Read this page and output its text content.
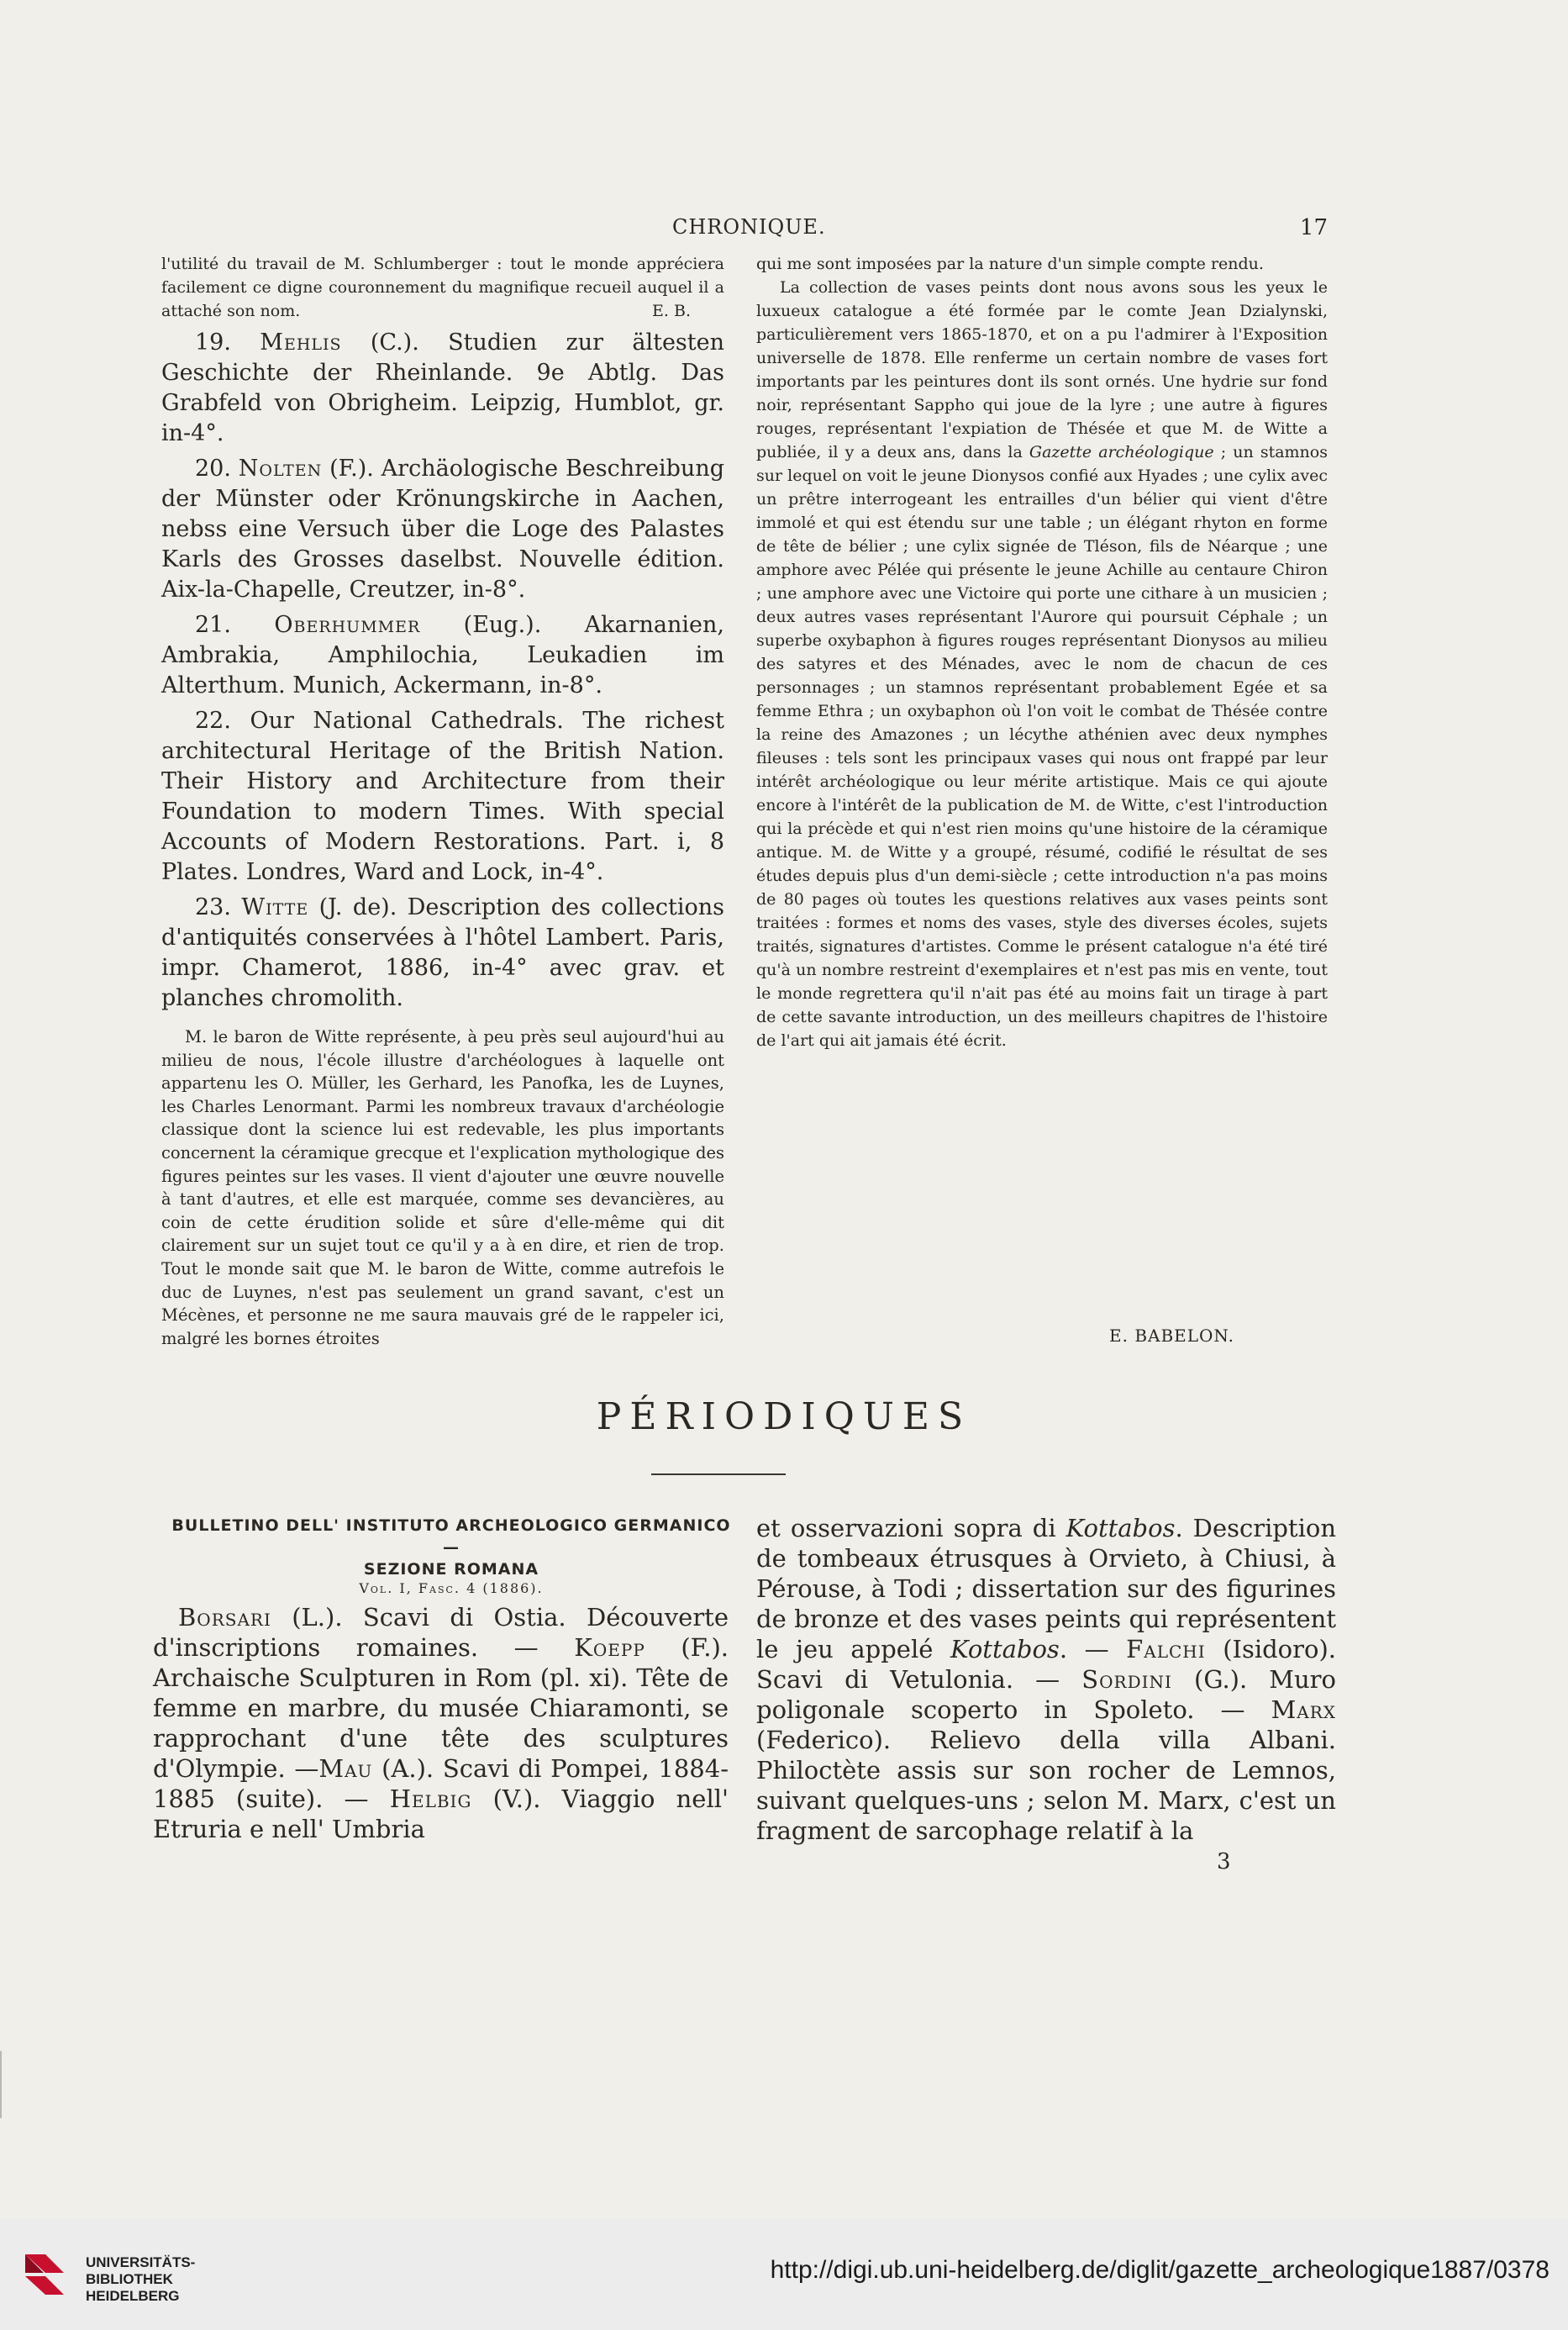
CHRONIQUE.	17

l'utilité du travail de M. Schlumberger : tout le monde appréciera facilement ce digne couronnement du magnifique recueil auquel il a attaché son nom.	E. B.

19. Mehlis (C.). Studien zur ältesten Geschichte der Rheinlande. 9e Abtlg. Das Grabfeld von Obrigheim. Leipzig, Humblot, gr. in-4°.

20. Nolten (F.). Archäologische Beschreibung der Münster oder Krönungskirche in Aachen, nebss eine Versuch über die Loge des Palastes Karls des Grosses daselbst. Nouvelle édition. Aix-la-Chapelle, Creutzer, in-8°.

21. Oberhummer (Eug.). Akarnanien, Ambrakia, Amphilochia, Leukadien im Alterthum. Munich, Ackermann, in-8°.

22. Our National Cathedrals. The richest architectural Heritage of the British Nation. Their History and Architecture from their Foundation to modern Times. With special Accounts of Modern Restorations. Part. i, 8 Plates. Londres, Ward and Lock, in-4°.

23. Witte (J. de). Description des collections d'antiquités conservées à l'hôtel Lambert. Paris, impr. Chamerot, 1886, in-4° avec grav. et planches chromolith.

M. le baron de Witte représente, à peu près seul aujourd'hui au milieu de nous, l'école illustre d'archéologues à laquelle ont appartenu les O. Müller, les Gerhard, les Panofka, les de Luynes, les Charles Lenormant. Parmi les nombreux travaux d'archéologie classique dont la science lui est redevable, les plus importants concernent la céramique grecque et l'explication mythologique des figures peintes sur les vases. Il vient d'ajouter une œuvre nouvelle à tant d'autres, et elle est marquée, comme ses devancières, au coin de cette érudition solide et sûre d'elle-même qui dit clairement sur un sujet tout ce qu'il y a à en dire, et rien de trop. Tout le monde sait que M. le baron de Witte, comme autrefois le duc de Luynes, n'est pas seulement un grand savant, c'est un Mécènes, et personne ne me saura mauvais gré de le rappeler ici, malgré les bornes étroites

qui me sont imposées par la nature d'un simple compte rendu.

La collection de vases peints dont nous avons sous les yeux le luxueux catalogue a été formée par le comte Jean Dzialynski, particulièrement vers 1865-1870, et on a pu l'admirer à l'Exposition universelle de 1878. Elle renferme un certain nombre de vases fort importants par les peintures dont ils sont ornés. Une hydrie sur fond noir, représentant Sappho qui joue de la lyre ; une autre à figures rouges, représentant l'expiation de Thésée et que M. de Witte a publiée, il y a deux ans, dans la Gazette archéologique ; un stamnos sur lequel on voit le jeune Dionysos confié aux Hyades ; une cylix avec un prêtre interrogeant les entrailles d'un bélier qui vient d'être immolé et qui est étendu sur une table ; un élégant rhyton en forme de tête de bélier ; une cylix signée de Tléson, fils de Néarque ; une amphore avec Pélée qui présente le jeune Achille au centaure Chiron ; une amphore avec une Victoire qui porte une cithare à un musicien ; deux autres vases représentant l'Aurore qui poursuit Céphale ; un superbe oxybaphon à figures rouges représentant Dionysos au milieu des satyres et des Ménades, avec le nom de chacun de ces personnages ; un stamnos représentant probablement Egée et sa femme Ethra ; un oxybaphon où l'on voit le combat de Thésée contre la reine des Amazones ; un lécythe athénien avec deux nymphes fileuses : tels sont les principaux vases qui nous ont frappé par leur intérêt archéologique ou leur mérite artistique. Mais ce qui ajoute encore à l'intérêt de la publication de M. de Witte, c'est l'introduction qui la précède et qui n'est rien moins qu'une histoire de la céramique antique. M. de Witte y a groupé, résumé, codifié le résultat de ses études depuis plus d'un demi-siècle ; cette introduction n'a pas moins de 80 pages où toutes les questions relatives aux vases peints sont traitées : formes et noms des vases, style des diverses écoles, sujets traités, signatures d'artistes. Comme le présent catalogue n'a été tiré qu'à un nombre restreint d'exemplaires et n'est pas mis en vente, tout le monde regrettera qu'il n'ait pas été au moins fait un tirage à part de cette savante introduction, un des meilleurs chapitres de l'histoire de l'art qui ait jamais été écrit.

E. BABELON.
PÉRIODIQUES
BULLETINO DELL' INSTITUTO ARCHEOLOGICO GERMANICO —
SEZIONE ROMANA
Vol. I, Fasc. 4 (1886).

Borsari (L.). Scavi di Ostia. Découverte d'inscriptions romaines. — Koepp (F.). Archaische Sculpturen in Rom (pl. xi). Tête de femme en marbre, du musée Chiaramonti, se rapprochant d'une tête des sculptures d'Olympie. —Mau (A.). Scavi di Pompei, 1884-1885 (suite). — Helbig (V.). Viaggio nell' Etruria e nell' Umbria

et osservazioni sopra di Kottabos. Description de tombeaux étrusques à Orvieto, à Chiusi, à Pérouse, à Todi ; dissertation sur des figurines de bronze et des vases peints qui représentent le jeu appelé Kottabos. — Falchi (Isidoro). Scavi di Vetulonia. — Sordini (G.). Muro poligonale scoperto in Spoleto. — Marx (Federico). Relievo della villa Albani. Philoctète assis sur son rocher de Lemnos, suivant quelques-uns ; selon M. Marx, c'est un fragment de sarcophage relatif à la

3
UNIVERSITÄTS-
BIBLIOTHEK
HEIDELBERG
http://digi.ub.uni-heidelberg.de/diglit/gazette_archeologique1887/0378
